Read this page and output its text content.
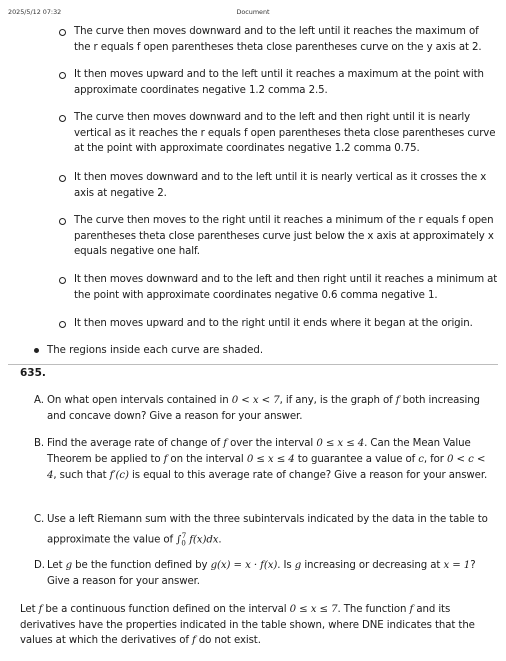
2025/5/12 07:32	Document
The curve then moves downward and to the left until it reaches the maximum of the r equals f open parentheses theta close parentheses curve on the y axis at 2.
It then moves upward and to the left until it reaches a maximum at the point with approximate coordinates negative 1.2 comma 2.5.
The curve then moves downward and to the left and then right until it is nearly vertical as it reaches the r equals f open parentheses theta close parentheses curve at the point with approximate coordinates negative 1.2 comma 0.75.
It then moves downward and to the left until it is nearly vertical as it crosses the x axis at negative 2.
The curve then moves to the right until it reaches a minimum of the r equals f open parentheses theta close parentheses curve just below the x axis at approximately x equals negative one half.
It then moves downward and to the left and then right until it reaches a minimum at the point with approximate coordinates negative 0.6 comma negative 1.
It then moves upward and to the right until it ends where it began at the origin.
The regions inside each curve are shaded.
635.
A. On what open intervals contained in 0 < x < 7, if any, is the graph of f both increasing and concave down? Give a reason for your answer.
B. Find the average rate of change of f over the interval 0 ≤ x ≤ 4. Can the Mean Value Theorem be applied to f on the interval 0 ≤ x ≤ 4 to guarantee a value of c, for 0 < c < 4, such that f′(c) is equal to this average rate of change? Give a reason for your answer.
C. Use a left Riemann sum with the three subintervals indicated by the data in the table to approximate the value of $\int_0^7$ f(x)dx.
D. Let g be the function defined by g(x) = x · f(x). Is g increasing or decreasing at x = 1? Give a reason for your answer.
Let f be a continuous function defined on the interval 0 ≤ x ≤ 7. The function f and its derivatives have the properties indicated in the table shown, where DNE indicates that the values at which the derivatives of f do not exist.
